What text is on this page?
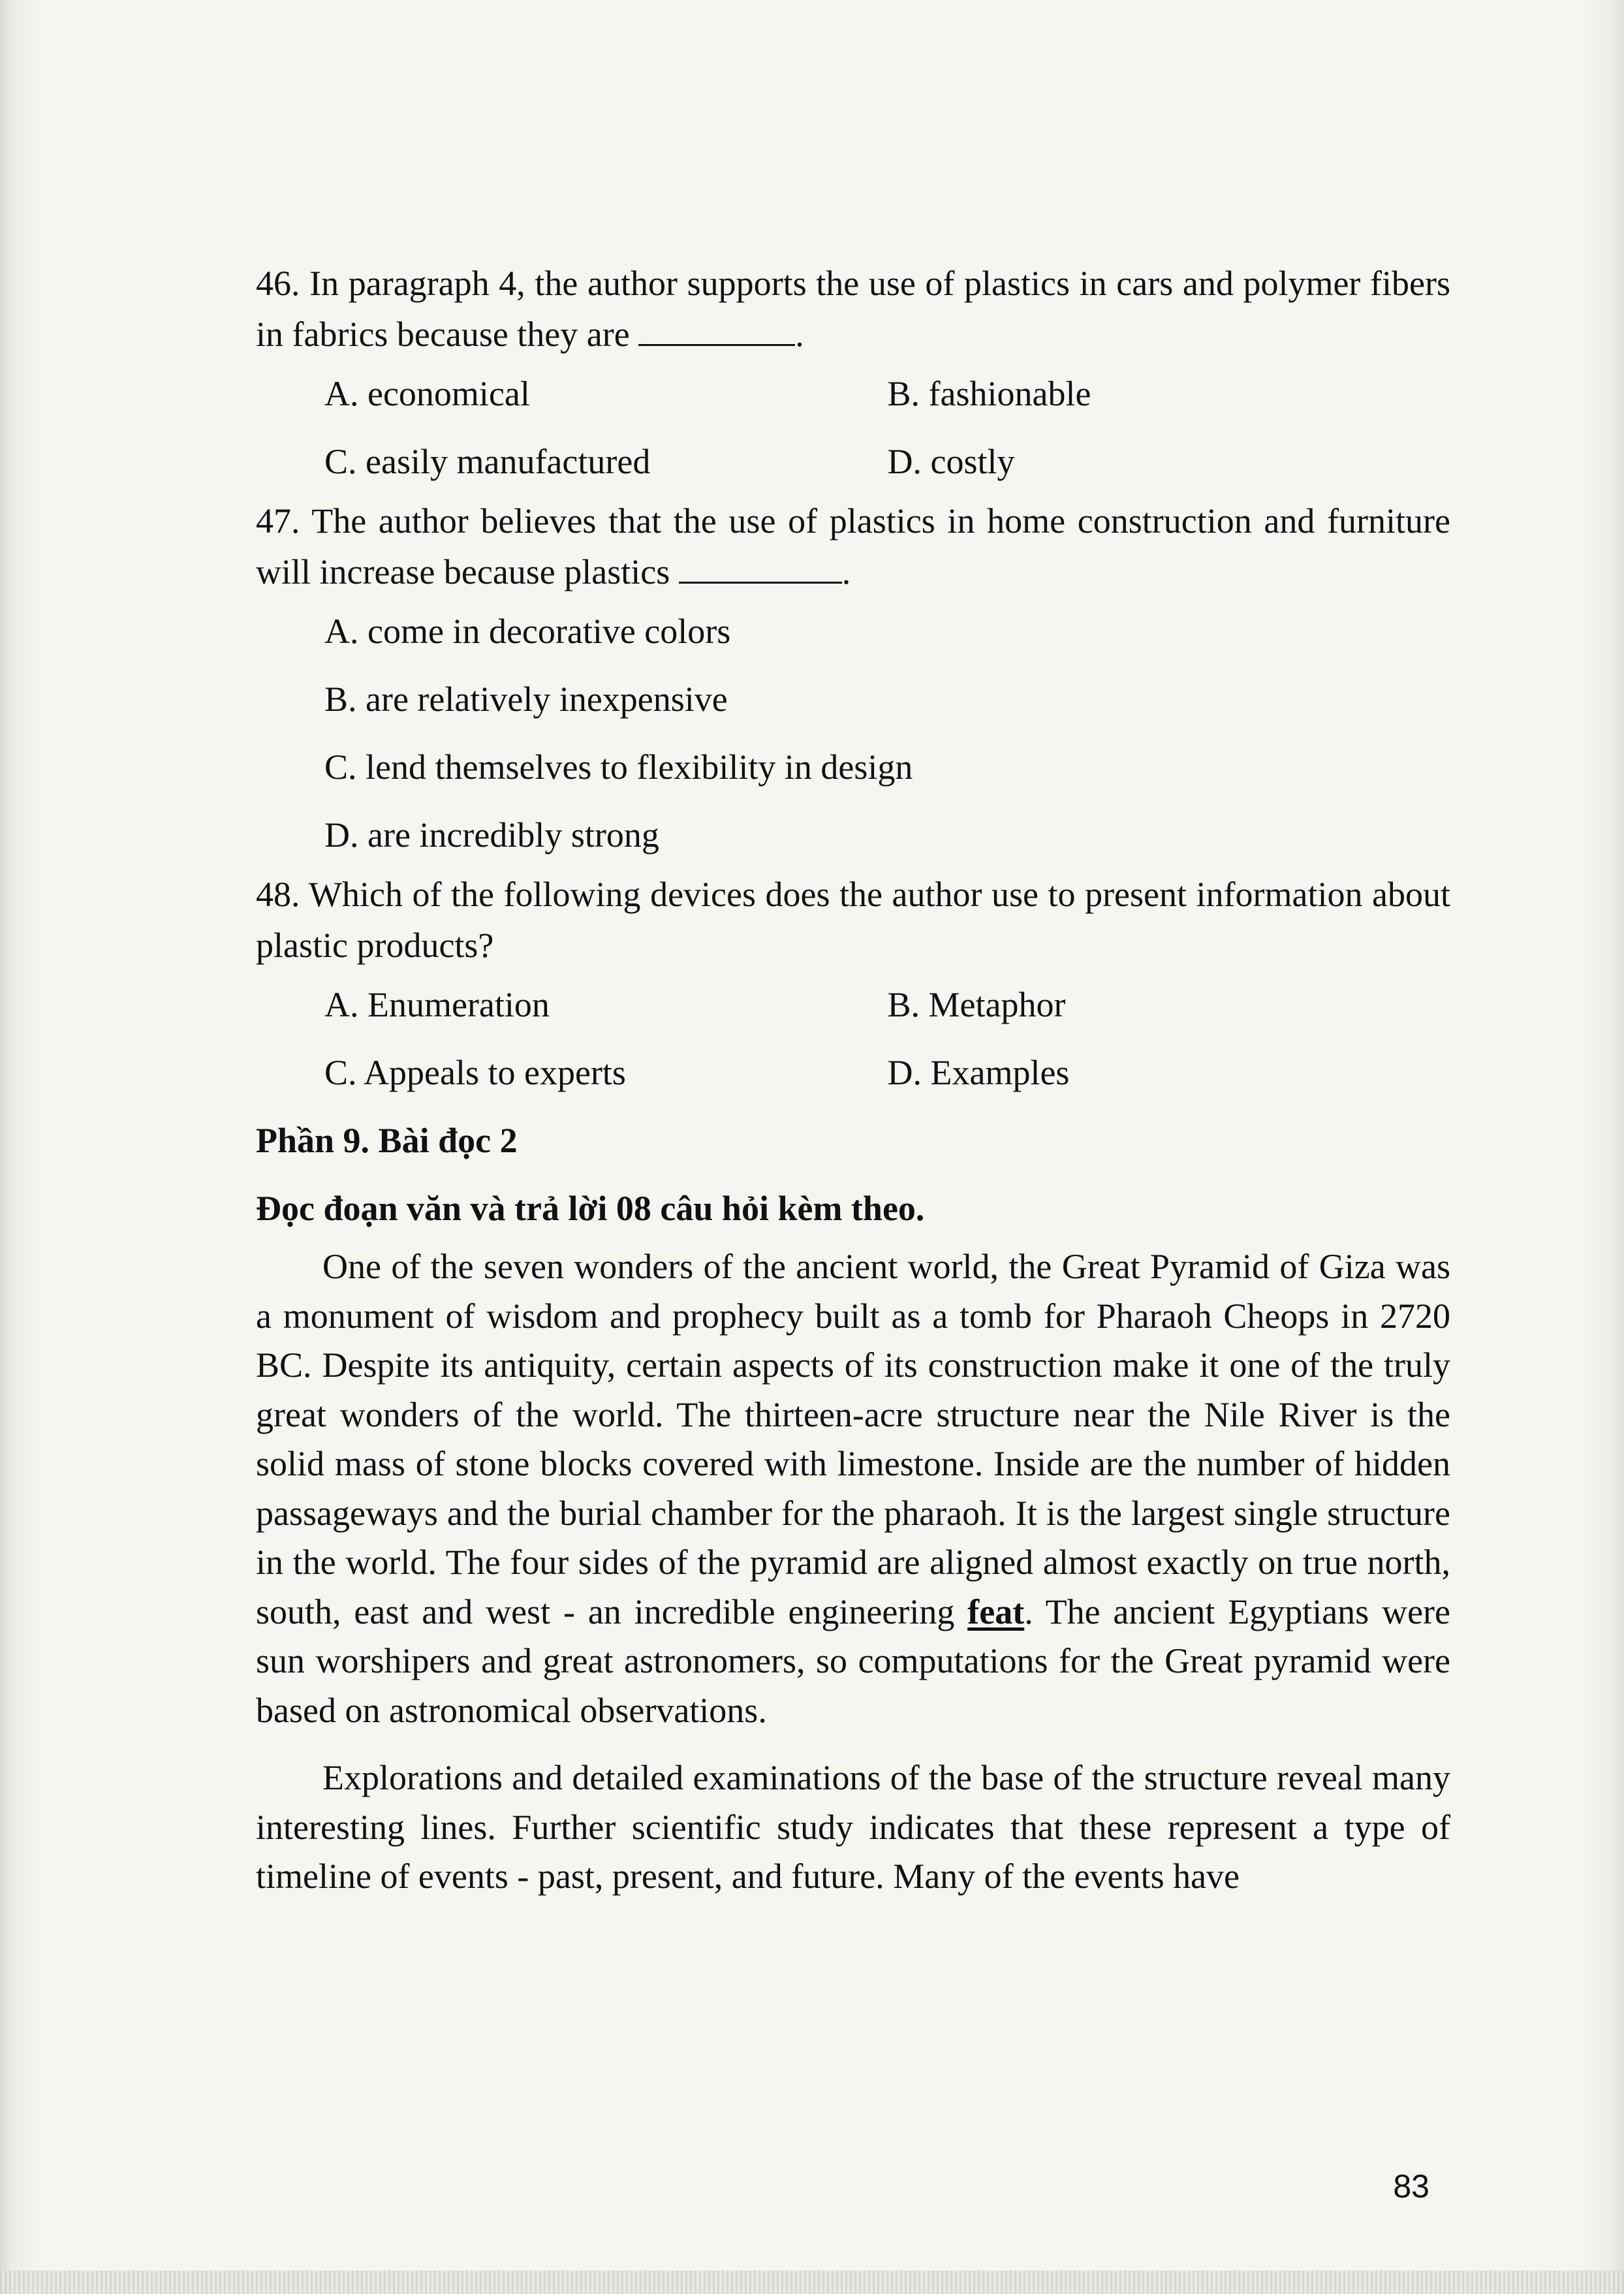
46. In paragraph 4, the author supports the use of plastics in cars and polymer fibers in fabrics because they are	.
A. economical	B. fashionable
C. easily manufactured	D. costly
47. The author believes that the use of plastics in home construction and furniture will increase because plastics	.
A. come in decorative colors
B. are relatively inexpensive
C. lend themselves to flexibility in design
D. are incredibly strong
48. Which of the following devices does the author use to present information about plastic products?
A. Enumeration	B. Metaphor
C. Appeals to experts	D. Examples
Phần 9. Bài đọc 2
Đọc đoạn văn và trả lời 08 câu hỏi kèm theo.

One of the seven wonders of the ancient world, the Great Pyramid of Giza was a monument of wisdom and prophecy built as a tomb for Pharaoh Cheops in 2720 BC. Despite its antiquity, certain aspects of its construction make it one of the truly great wonders of the world. The thirteen-acre structure near the Nile River is the solid mass of stone blocks covered with limestone. Inside are the number of hidden passageways and the burial chamber for the pharaoh. It is the largest single structure in the world. The four sides of the pyramid are aligned almost exactly on true north, south, east and west - an incredible engineering feat. The ancient Egyptians were sun worshipers and great astronomers, so computations for the Great pyramid were based on astronomical observations.

Explorations and detailed examinations of the base of the structure reveal many interesting lines. Further scientific study indicates that these represent a type of timeline of events - past, present, and future. Many of the events have

83
